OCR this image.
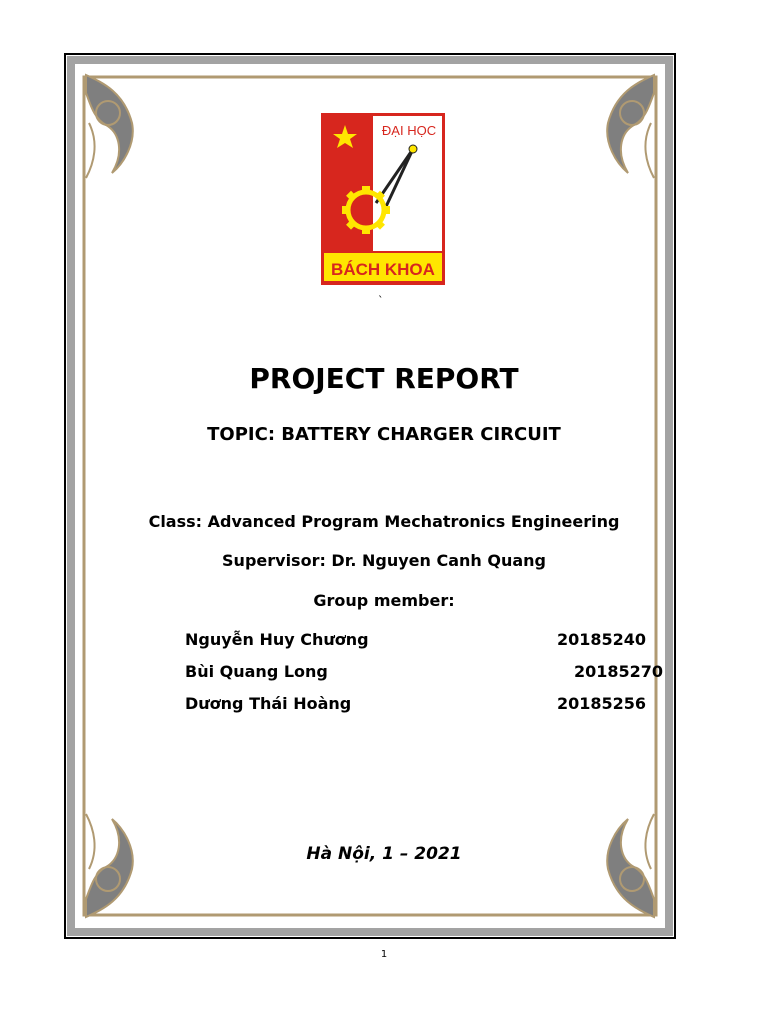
ĐẠI HỌC
BÁCH KHOA
`
PROJECT REPORT
TOPIC: BATTERY CHARGER CIRCUIT
Class: Advanced Program Mechatronics Engineering
Supervisor: Dr. Nguyen Canh Quang
Group member:
Nguyễn Huy Chương	20185240
Bùi Quang Long	20185270
Dương Thái Hoàng	20185256
Hà Nội, 1 – 2021
1
